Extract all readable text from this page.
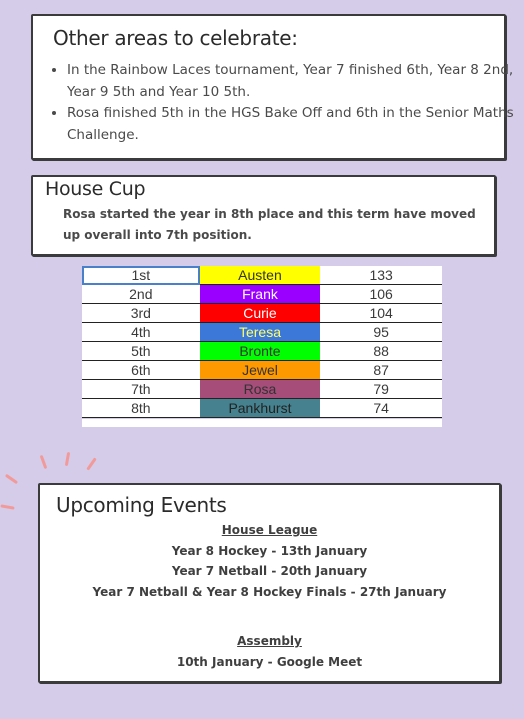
Other areas to celebrate:
• In the Rainbow Laces tournament, Year 7 finished 6th, Year 8 2nd, Year 9 5th and Year 10 5th.
• Rosa finished 5th in the HGS Bake Off and 6th in the Senior Maths Challenge.
House Cup

Rosa started the year in 8th place and this term have moved up overall into 7th position.

1st	Austen	133
2nd	Frank	106
3rd	Curie	104
4th	Teresa	95
5th	Bronte	88
6th	Jewel	87
7th	Rosa	79
8th	Pankhurst	74
Upcoming Events
House League
Year 8 Hockey - 13th January
Year 7 Netball - 20th January
Year 7 Netball & Year 8 Hockey Finals - 27th January
Assembly
10th January - Google Meet
